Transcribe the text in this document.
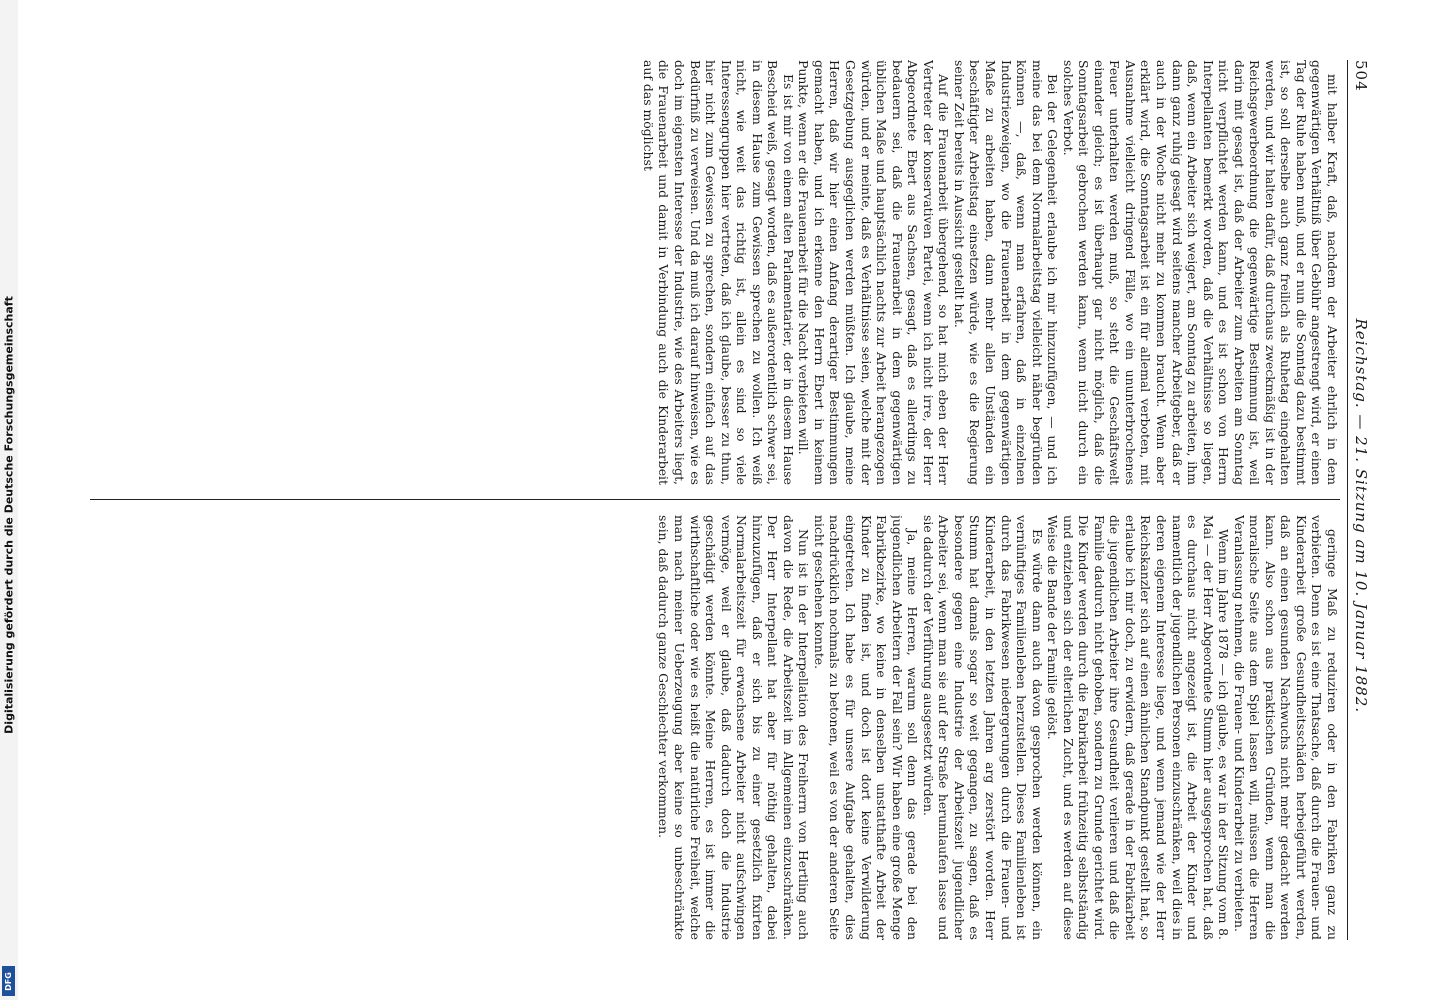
Digitalisierung gefördert durch die Deutsche Forschungsgemeinschaft
DFG
504
Reichstag. — 21. Sitzung am 10. Januar 1882.

mit halber Kraft, daß, nachdem der Arbeiter ehrlich in dem gegenwärtigen Verhältniß über Gebühr angestrengt wird, er einen Tag der Ruhe haben muß, und er nun die Sonntag dazu bestimmt ist, so soll derselbe auch ganz freilich als Ruhetag eingehalten werden, und wir halten dafür, daß durchaus zweckmäßig ist in der Reichsgewerbeordnung die gegenwärtige Bestimmung ist, weil darin mit gesagt ist, daß der Arbeiter zum Arbeiten am Sonntag nicht verpflichtet werden kann, und es ist schon von Herrn Interpellanten bemerkt worden, daß die Verhältnisse so liegen, daß, wenn ein Arbeiter sich weigert, am Sonntag zu arbeiten, ihm dann ganz ruhig gesagt wird seitens mancher Arbeitgeber, daß er auch in der Woche nicht mehr zu kommen braucht. Wenn aber erklärt wird, die Sonntagsarbeit ist ein für allemal verboten, mit Ausnahme vielleicht dringend Fälle, wo ein ununterbrochenes Feuer unterhalten werden muß, so steht die Geschäftswelt einander gleich; es ist überhaupt gar nicht möglich, daß die Sonntagsarbeit gebrochen werden kann, wenn nicht durch ein solches Verbot.

Bei der Gelegenheit erlaube ich mir hinzuzufügen, — und ich meine das bei dem Normalarbeitstag vielleicht näher begründen können —, daß, wenn man erfahren, daß in einzelnen Industriezweigen, wo die Frauenarbeit in dem gegenwärtigen Maße zu arbeiten haben, dann mehr allen Unständen ein beschäftigter Arbeitstag einsetzen würde, wie es die Regierung seiner Zeit bereits in Aussicht gestellt hat.

Auf die Frauenarbeit übergehend, so hat mich eben der Herr Vertreter der konservativen Partei, wenn ich nicht irre, der Herr Abgeordnete Ebert aus Sachsen, gesagt, daß es allerdings zu bedauern sei, daß die Frauenarbeit in dem gegenwärtigen üblichen Maße und hauptsächlich nachts zur Arbeit herangezogen würden, und er meinte, daß es Verhältnisse seien, welche mit der Gesetzgebung ausgeglichen werden müßten. Ich glaube, meine Herren, daß wir hier einen Anfang derartiger Bestimmungen gemacht haben, und ich erkenne den Herrn Ebert in keinem Punkte, wenn er die Frauenarbeit für die Nacht verbieten will.

Es ist mir von einem alten Parlamentarier, der in diesem Hause Bescheid weiß, gesagt worden, daß es außerordentlich schwer sei, in diesem Hause zum Gewissen sprechen zu wollen. Ich weiß nicht, wie weit das richtig ist, allein es sind so viele Interessengruppen hier vertreten, daß ich glaube, besser zu thun, hier nicht zum Gewissen zu sprechen, sondern einfach auf das Bedürfniß zu verweisen. Und da muß ich darauf hinweisen, wie es doch im eigensten Interesse der Industrie, wie des Arbeiters liegt, die Frauenarbeit und damit in Verbindung auch die Kinderarbeit auf das möglichst

geringe Maß zu reduziren oder in den Fabriken ganz zu verbieten. Denn es ist eine Thatsache, daß durch die Frauen- und Kinderarbeit große Gesundheitsschäden herbeigeführt werden, daß an einen gesunden Nachwuchs nicht mehr gedacht werden kann. Also schon aus praktischen Gründen, wenn man die moralische Seite aus dem Spiel lassen will, müssen die Herren Veranlassung nehmen, die Frauen- und Kinderarbeit zu verbieten.

Wenn im Jahre 1878 — ich glaube, es war in der Sitzung vom 8. Mai — der Herr Abgeordnete Stumm hier ausgesprochen hat, daß es durchaus nicht angezeigt ist, die Arbeit der Kinder und namentlich der jugendlichen Personen einzuschränken, weil dies in deren eigenem Interesse liege, und wenn jemand wie der Herr Reichskanzler sich auf einen ähnlichen Standpunkt gestellt hat, so erlaube ich mir doch, zu erwidern, daß gerade in der Fabrikarbeit die jugendlichen Arbeiter ihre Gesundheit verlieren und daß die Familie dadurch nicht gehoben, sondern zu Grunde gerichtet wird. Die Kinder werden durch die Fabrikarbeit frühzeitig selbstständig und entziehen sich der elterlichen Zucht, und es werden auf diese Weise die Bande der Familie gelöst.

Es würde dann auch davon gesprochen werden können, ein vernünftiges Familienleben herzustellen. Dieses Familienleben ist durch das Fabrikwesen niedergerungen durch die Frauen- und Kinderarbeit, in den letzten Jahren arg zerstört worden. Herr Stumm hat damals sogar so weit gegangen, zu sagen, daß es besondere gegen eine Industrie der Arbeitszeit jugendlicher Arbeiter sei, wenn man sie auf der Straße herumlaufen lasse und sie dadurch der Verführung ausgesetzt würden.

Ja, meine Herren, warum soll denn das gerade bei den jugendlichen Arbeitern der Fall sein? Wir haben eine große Menge Fabrikbezirke, wo keine in denselben unstatthafte Arbeit der Kinder zu finden ist, und doch ist dort keine Verwilderung eingetreten. Ich habe es für unsere Aufgabe gehalten, dies nachdrücklich nochmals zu betonen, weil es von der anderen Seite nicht geschehen konnte.

Nun ist in der Interpellation des Freiherrn von Hertling auch davon die Rede, die Arbeitszeit im Allgemeinen einzuschränken. Der Herr Interpellant hat aber für nöthig gehalten, dabei hinzuzufügen, daß er sich bis zu einer gesetzlich fixirten Normalarbeitszeit für erwachsene Arbeiter nicht aufschwingen vermöge, weil er glaube, daß dadurch doch die Industrie geschädigt werden könnte. Meine Herren, es ist immer die wirthschaftliche oder wie es heißt die natürliche Freiheit, welche man nach meiner Ueberzeugung aber keine so unbeschränkte sein, daß dadurch ganze Geschlechter verkommen.
